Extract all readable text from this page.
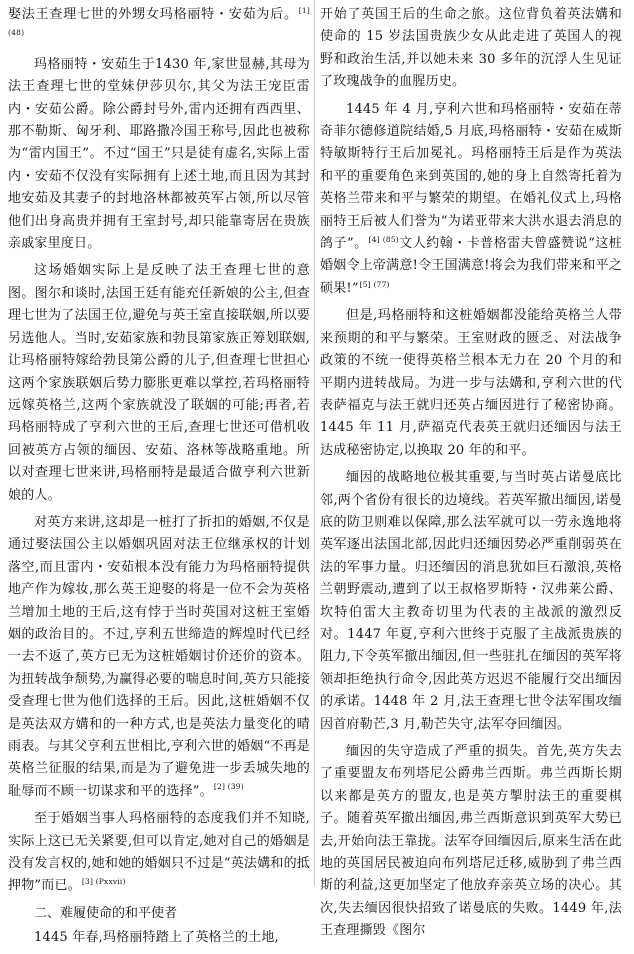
娶法王查理七世的外甥女玛格丽特・安茹为后。$^{[1] (48)}$

玛格丽特・安茹生于1430 年,家世显赫,其母为法王查理七世的堂妹伊莎贝尔,其父为法王宠臣雷内・安茹公爵。除公爵封号外,雷内还拥有西西里、那不勒斯、匈牙利、耶路撒冷国王称号,因此也被称为“雷内国王”。不过“国王”只是徒有虚名,实际上雷内・安茹不仅没有实际拥有上述土地,而且因为其封地安茹及其妻子的封地洛林都被英军占领,所以尽管他们出身高贵并拥有王室封号,却只能靠寄居在贵族亲戚家里度日。

这场婚姻实际上是反映了法王查理七世的意图。图尔和谈时,法国王廷有能充任新娘的公主,但查理七世为了法国王位,避免与英王室直接联姻,所以要另选他人。当时,安茹家族和勃艮第家族正筹划联姻,让玛格丽特嫁给勃艮第公爵的儿子,但查理七世担心这两个家族联姻后势力膨胀更难以掌控,若玛格丽特远嫁英格兰,这两个家族就没了联姻的可能;再者,若玛格丽特成了亨利六世的王后,查理七世还可借机收回被英方占领的缅因、安茹、洛林等战略重地。所以对查理七世来讲,玛格丽特是最适合做亨利六世新娘的人。

对英方来讲,这却是一桩打了折扣的婚姻,不仅是通过娶法国公主以婚姻巩固对法王位继承权的计划落空,而且雷内・安茹根本没有能力为玛格丽特提供地产作为嫁妆,那么英王迎娶的将是一位不会为英格兰增加土地的王后,这有悖于当时英国对这桩王室婚姻的政治目的。不过,亨利五世缔造的辉煌时代已经一去不返了,英方已无为这桩婚姻讨价还价的资本。为扭转战争颓势,为赢得必要的喘息时间,英方只能接受查理七世为他们选择的王后。因此,这桩婚姻不仅是英法双方媾和的一种方式,也是英法力量变化的晴雨表。与其父亨利五世相比,亨利六世的婚姻“不再是英格兰征服的结果,而是为了避免进一步丢城失地的耻辱而不顾一切谋求和平的选择”。$^{[2] (39)}$

至于婚姻当事人玛格丽特的态度我们并不知晓,实际上这已无关紧要,但可以肯定,她对自己的婚姻是没有发言权的,她和她的婚姻只不过是“英法媾和的抵押物”而已。$^{[3] (Pxxvii)}$

二、难履使命的和平使者

1445 年春,玛格丽特踏上了英格兰的土地,

开始了英国王后的生命之旅。这位背负着英法媾和使命的 15 岁法国贵族少女从此走进了英国人的视野和政治生活,并以她未来 30 多年的沉浮人生见证了玫瑰战争的血腥历史。

1445 年 4 月,亨利六世和玛格丽特・安茹在蒂奇菲尔德修道院结婚,5 月底,玛格丽特・安茹在威斯特敏斯特行王后加冕礼。玛格丽特王后是作为英法和平的重要角色来到英国的,她的身上自然寄托着为英格兰带来和平与繁荣的期望。在婚礼仪式上,玛格丽特王后被人们誉为“为诺亚带来大洪水退去消息的鸽子”。$^{[4] (85)}$文人约翰・卡普格雷夫曾盛赞说“这桩婚姻令上帝满意!令王国满意!将会为我们带来和平之硕果!”$^{[5] (77)}$

但是,玛格丽特和这桩婚姻都没能给英格兰人带来预期的和平与繁荣。王室财政的匮乏、对法战争政策的不统一使得英格兰根本无力在 20 个月的和平期内进转战局。为进一步与法媾和,亨利六世的代表萨福克与法王就归还英占缅因进行了秘密协商。1445 年 11 月,萨福克代表英王就归还缅因与法王达成秘密协定,以换取 20 年的和平。

缅因的战略地位极其重要,与当时英占诺曼底比邻,两个省份有很长的边境线。若英军撤出缅因,诺曼底的防卫则难以保障,那么法军就可以一劳永逸地将英军逐出法国北部,因此归还缅因势必严重削弱英在法的军事力量。归还缅因的消息犹如巨石激浪,英格兰朝野震动,遭到了以王叔格罗斯特・汉弗莱公爵、坎特伯雷大主教奇切里为代表的主战派的激烈反对。1447 年夏,亨利六世终于克服了主战派贵族的阻力,下令英军撤出缅因,但一些驻扎在缅因的英军将领却拒绝执行命令,因此英方迟迟不能履行交出缅因的承诺。1448 年 2 月,法王查理七世令法军围攻缅因首府勒芒,3 月,勒芒失守,法军夺回缅因。

缅因的失守造成了严重的损失。首先,英方失去了重要盟友布列塔尼公爵弗兰西斯。弗兰西斯长期以来都是英方的盟友,也是英方掣肘法王的重要棋子。随着英军撤出缅因,弗兰西斯意识到英军大势已去,开始向法王靠拢。法军夺回缅因后,原来生活在此地的英国居民被迫向布列塔尼迁移,威胁到了弗兰西斯的利益,这更加坚定了他放弃亲英立场的决心。其次,失去缅因很快招致了诺曼底的失败。1449 年,法王查理撕毁《图尔
